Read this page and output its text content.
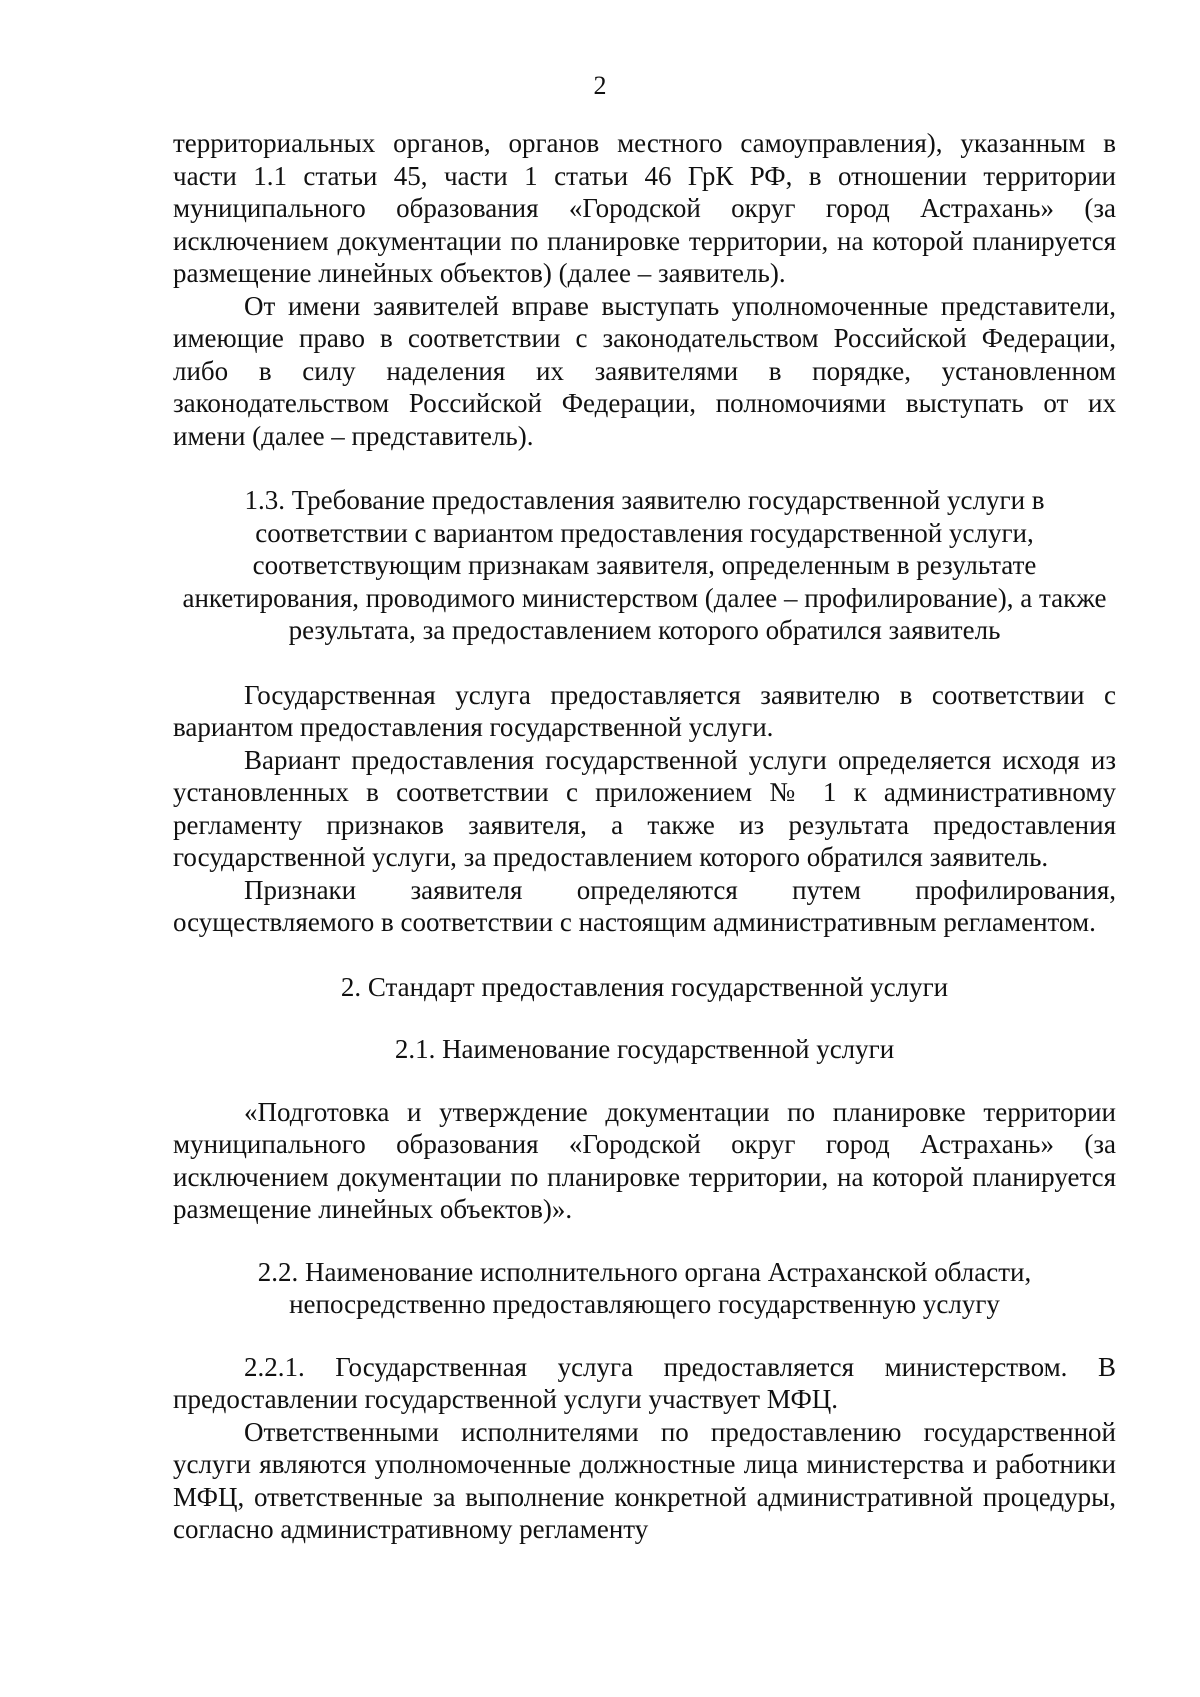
2

территориальных органов, органов местного самоуправления), указанным в части 1.1 статьи 45, части 1 статьи 46 ГрК РФ, в отношении территории муниципального образования «Городской округ город Астрахань» (за исключением документации по планировке территории, на которой планируется размещение линейных объектов) (далее – заявитель).

От имени заявителей вправе выступать уполномоченные представители, имеющие право в соответствии с законодательством Российской Федерации, либо в силу наделения их заявителями в порядке, установленном законодательством Российской Федерации, полномочиями выступать от их имени (далее – представитель).

1.3. Требование предоставления заявителю государственной услуги в соответствии с вариантом предоставления государственной услуги, соответствующим признакам заявителя, определенным в результате анкетирования, проводимого министерством (далее – профилирование), а также результата, за предоставлением которого обратился заявитель

Государственная услуга предоставляется заявителю в соответствии с вариантом предоставления государственной услуги.

Вариант предоставления государственной услуги определяется исходя из установленных в соответствии с приложением № 1 к административному регламенту признаков заявителя, а также из результата предоставления государственной услуги, за предоставлением которого обратился заявитель.

Признаки заявителя определяются путем профилирования, осуществляемого в соответствии с настоящим административным регламентом.

2. Стандарт предоставления государственной услуги

2.1. Наименование государственной услуги

«Подготовка и утверждение документации по планировке территории муниципального образования «Городской округ город Астрахань» (за исключением документации по планировке территории, на которой планируется размещение линейных объектов)».

2.2. Наименование исполнительного органа Астраханской области, непосредственно предоставляющего государственную услугу

2.2.1. Государственная услуга предоставляется министерством. В предоставлении государственной услуги участвует МФЦ.

Ответственными исполнителями по предоставлению государственной услуги являются уполномоченные должностные лица министерства и работники МФЦ, ответственные за выполнение конкретной административной процедуры, согласно административному регламенту
